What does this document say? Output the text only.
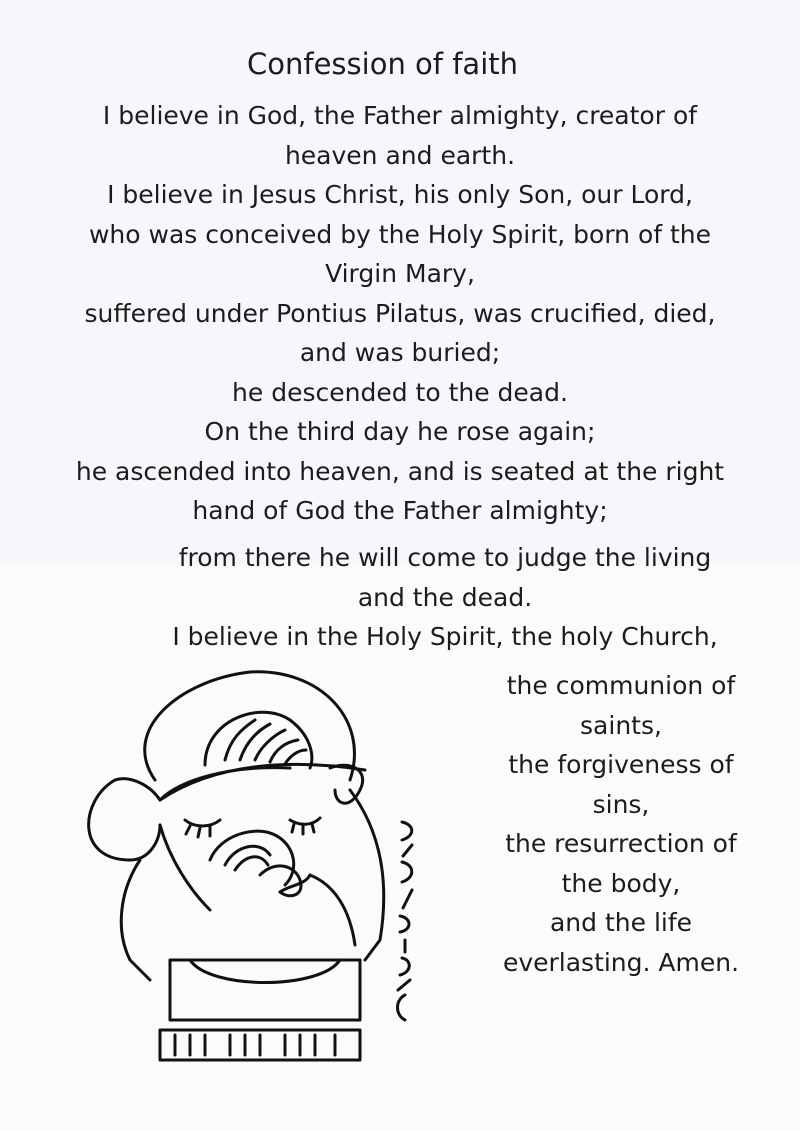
Confession of faith
I believe in God, the Father almighty, creator of
heaven and earth.
I believe in Jesus Christ, his only Son, our Lord,
who was conceived by the Holy Spirit, born of the
Virgin Mary,
suffered under Pontius Pilatus, was crucified, died,
and was buried;
he descended to the dead.
On the third day he rose again;
he ascended into heaven, and is seated at the right
hand of God the Father almighty;
from there he will come to judge the living
and the dead.
I believe in the Holy Spirit, the holy Church,
the communion of
saints,
the forgiveness of
sins,
the resurrection of
the body,
and the life
everlasting. Amen.
